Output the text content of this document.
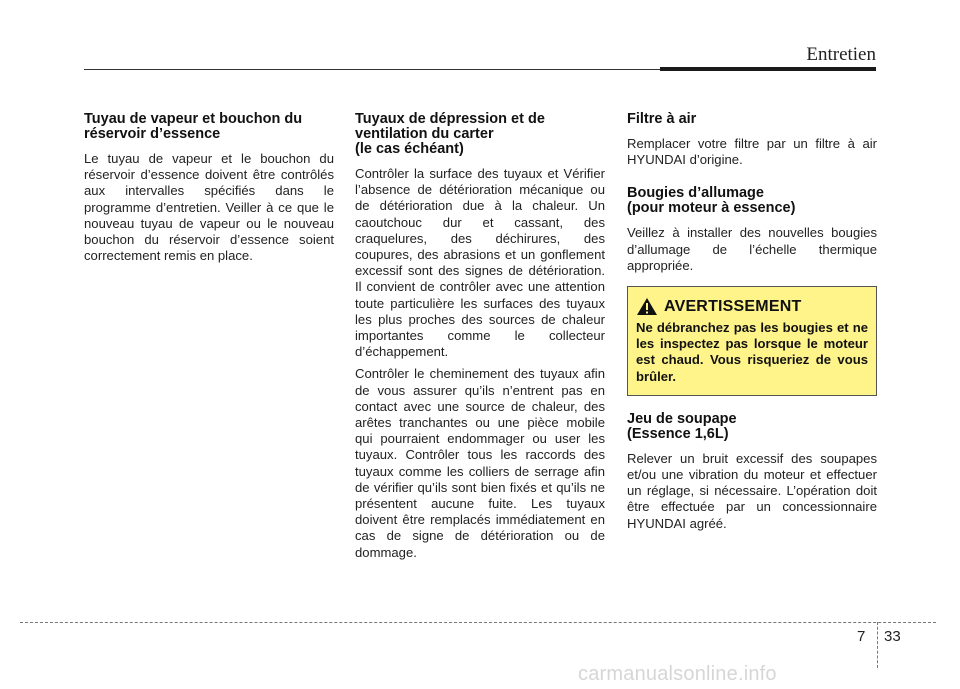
Entretien
Tuyau de vapeur et bouchon du
réservoir d’essence

Le tuyau de vapeur et le bouchon du réservoir d’essence doivent être contrôlés aux intervalles spécifiés dans le programme d’entretien. Veiller à ce que le nouveau tuyau de vapeur ou le nouveau bouchon du réservoir d’essence soient correctement remis en place.

Tuyaux de dépression et de
ventilation du carter
(le cas échéant)

Contrôler la surface des tuyaux et Vérifier l’absence de détérioration mécanique ou de détérioration due à la chaleur. Un caoutchouc dur et cassant, des craquelures, des déchirures, des coupures, des abrasions et un gonflement excessif sont des signes de détérioration. Il convient de contrôler avec une attention toute particulière les surfaces des tuyaux les plus proches des sources de chaleur importantes comme le collecteur d’échappement.

Contrôler le cheminement des tuyaux afin de vous assurer qu’ils n’entrent pas en contact avec une source de chaleur, des arêtes tranchantes ou une pièce mobile qui pourraient endommager ou user les tuyaux. Contrôler tous les raccords des tuyaux comme les colliers de serrage afin de vérifier qu’ils sont bien fixés et qu’ils ne présentent aucune fuite. Les tuyaux doivent être remplacés immédiatement en cas de signe de détérioration ou de dommage.

Filtre à air

Remplacer votre filtre par un filtre à air HYUNDAI d’origine.

Bougies d’allumage
(pour moteur à essence)

Veillez à installer des nouvelles bougies d’allumage de l’échelle thermique appropriée.

AVERTISSEMENT

Ne débranchez pas les bougies et ne les inspectez pas lorsque le moteur est chaud. Vous risqueriez de vous brûler.

Jeu de soupape
(Essence 1,6L)

Relever un bruit excessif des soupapes et/ou une vibration du moteur et effectuer un réglage, si nécessaire. L’opération doit être effectuée par un concessionnaire HYUNDAI agréé.

7 33
carmanualsonline.info
